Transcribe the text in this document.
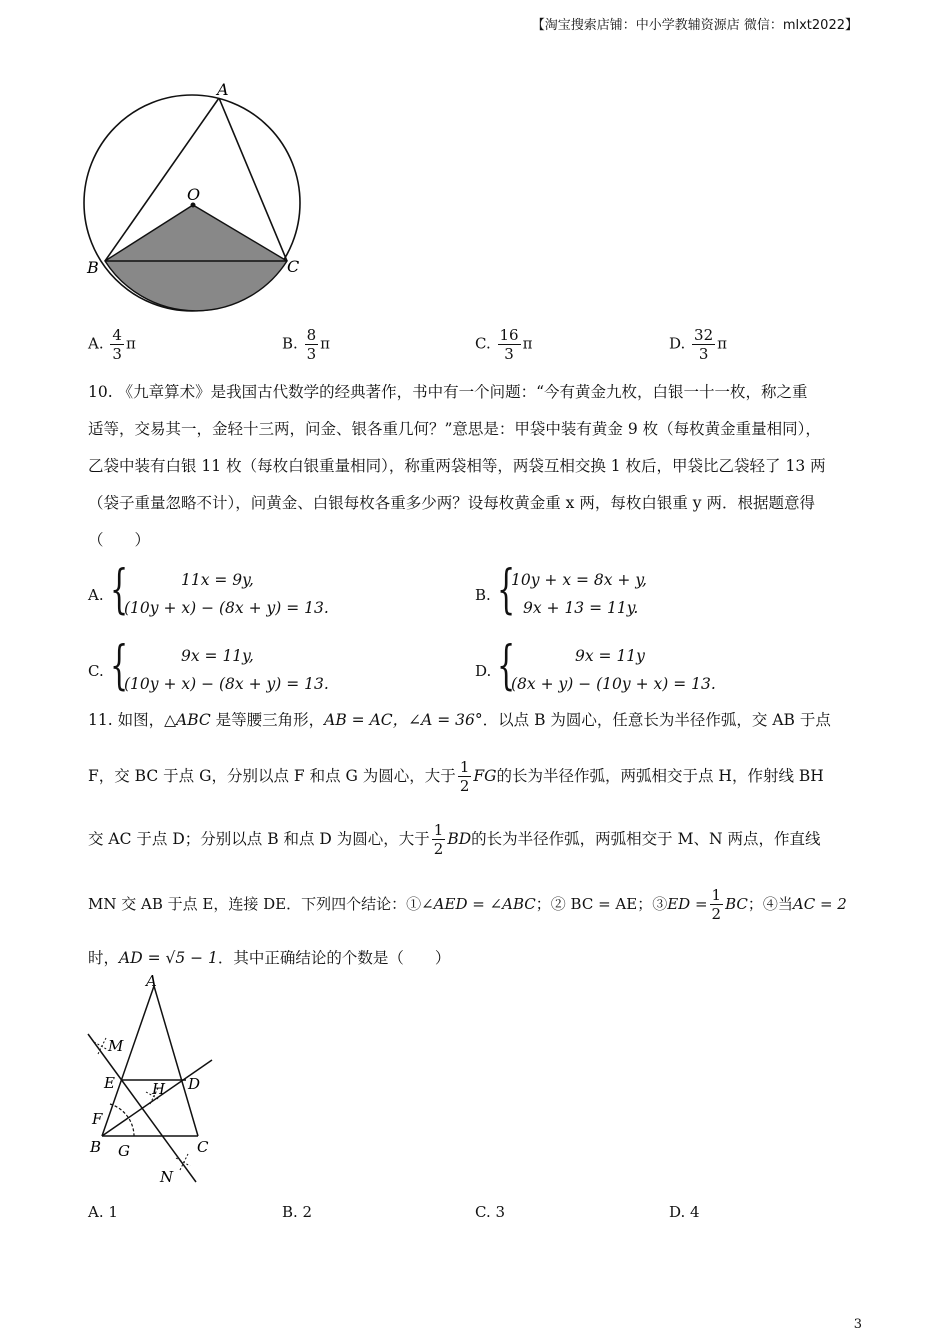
【淘宝搜索店铺：中小学教辅资源店 微信：mlxt2022】
A
O
B	C
A. $\frac{4}{3}$ π	B. $\frac{8}{3}$ π	C. $\frac{16}{3}$ π	D. $\frac{32}{3}$ π
10. 《九章算术》是我国古代数学的经典著作，书中有一个问题：“今有黄金九枚，白银一十一枚，称之重
适等，交易其一，金轻十三两，问金、银各重几何？”意思是：甲袋中装有黄金 9 枚（每枚黄金重量相同），
乙袋中装有白银 11 枚（每枚白银重量相同），称重两袋相等，两袋互相交换 1 枚后，甲袋比乙袋轻了 13 两
（袋子重量忽略不计），问黄金、白银每枚各重多少两？设每枚黄金重 x 两，每枚白银重 y 两．根据题意得
（　　）
A. {	11x = 9y,
(10y + x) − (8x + y) = 13.
B. {
10y + x = 8x + y,
9x + 13 = 11y.
C. {	9x = 11y,
(10y + x) − (8x + y) = 13.
D. {	9x = 11y
(8x + y) − (10y + x) = 13.
11. 如图，△ABC 是等腰三角形，AB = AC，∠A = 36°．以点 B 为圆心，任意长为半径作弧，交 AB 于点
F，交 BC 于点 G，分别以点 F 和点 G 为圆心，大于 $\frac{1}{2}$ FG 的长为半径作弧，两弧相交于点 H，作射线 BH
交 AC 于点 D；分别以点 B 和点 D 为圆心，大于 $\frac{1}{2}$ BD 的长为半径作弧，两弧相交于 M、N 两点，作直线
MN 交 AB 于点 E，连接 DE．下列四个结论：① ∠AED = ∠ABC ；② BC = AE；③ ED = $\frac{1}{2}$ BC ；④当 AC = 2
时， AD = √5 − 1 ．其中正确结论的个数是（　　）
A
M
E H D
F
B G	C
N
A. 1	B. 2	C. 3	D. 4
3
